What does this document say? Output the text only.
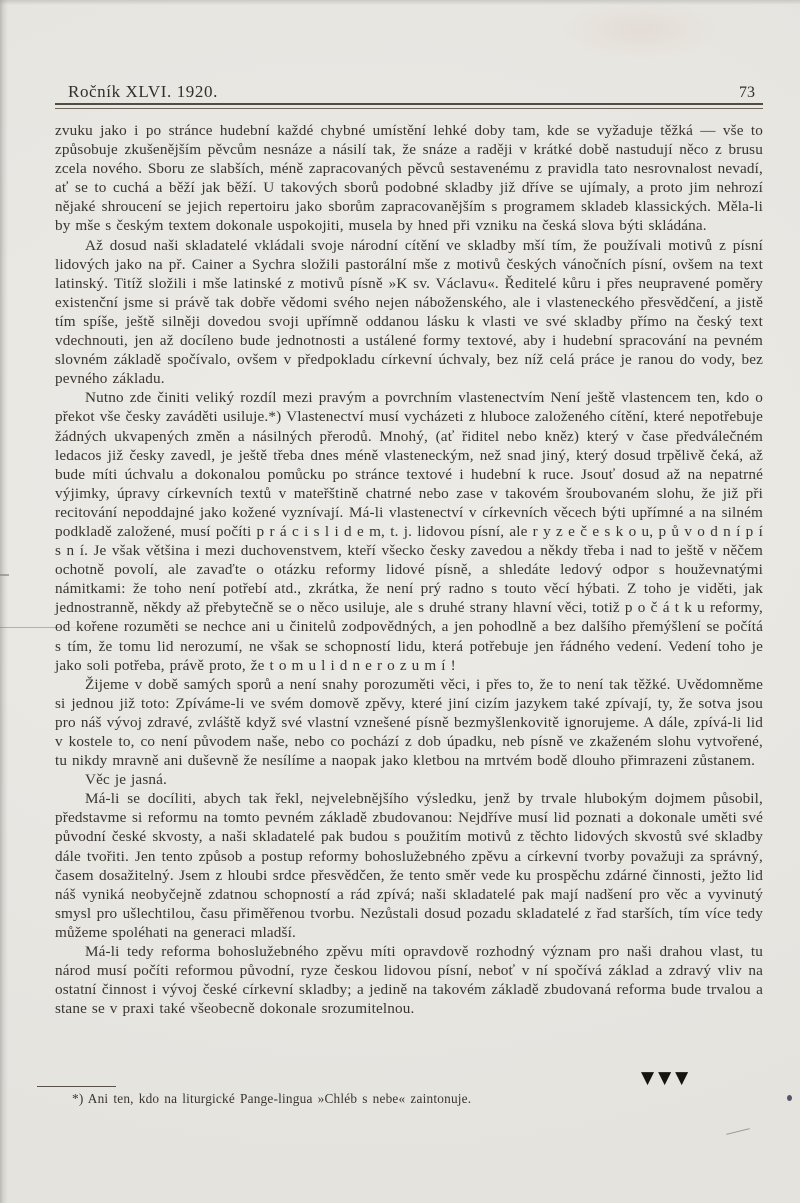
Ročník XLVI. 1920.	73

zvuku jako i po stránce hudební každé chybné umístění lehké doby tam, kde se vyžaduje těžká — vše to způsobuje zkušenějším pěvcům nesnáze a násilí tak, že snáze a raději v krátké době nastudují něco z brusu zcela nového. Sboru ze slabších, méně zapracovaných pěvců sestavenému z pravidla tato nesrovnalost nevadí, ať se to cuchá a běží jak běží. U takových sborů podobné skladby již dříve se ujímaly, a proto jim nehrozí nějaké shroucení se jejich repertoiru jako sborům zapracovanějším s programem skladeb klassických. Měla-li by mše s českým textem dokonale uspokojiti, musela by hned při vzniku na česká slova býti skládána.

Až dosud naši skladatelé vkládali svoje národní cítění ve skladby mší tím, že používali motivů z písní lidových jako na př. Cainer a Sychra složili pastorální mše z motivů českých vánočních písní, ovšem na text latinský. Titíž složili i mše latinské z motivů písně »K sv. Václavu«. Ředitelé kůru i přes neupravené poměry existenční jsme si právě tak dobře vědomi svého nejen náboženského, ale i vlasteneckého přesvědčení, a jistě tím spíše, ještě silněji dovedou svoji upřímně oddanou lásku k vlasti ve své skladby přímo na český text vdechnouti, jen až docíleno bude jednotnosti a ustálené formy textové, aby i hudební spracování na pevném slovném základě spočívalo, ovšem v předpokladu církevní úchvaly, bez níž celá práce je ranou do vody, bez pevného základu.

Nutno zde činiti veliký rozdíl mezi pravým a povrchním vlastenectvím Není ještě vlastencem ten, kdo o překot vše česky zaváděti usiluje.*) Vlastenectví musí vycházeti z hluboce založeného cítění, které nepotřebuje žádných ukvapených změn a násilných přerodů. Mnohý, (ať řiditel nebo kněz) který v čase předválečném ledacos již česky zavedl, je ještě třeba dnes méně vlasteneckým, než snad jiný, který dosud trpělivě čeká, až bude míti úchvalu a dokonalou pomůcku po stránce textové i hudební k ruce. Jsouť dosud až na nepatrné výjimky, úpravy církevních textů v mateřštině chatrné nebo zase v takovém šroubovaném slohu, že již při recitování nepoddajné jako kožené vyznívají. Má-li vlastenectví v církevních věcech býti upřímné a na silném podkladě založené, musí počíti p r á c i s l i d e m, t. j. lidovou písní, ale r y z e č e s k o u, p ů v o d n í p í s n í. Je však většina i mezi duchovenstvem, kteří všecko česky zavedou a někdy třeba i nad to ještě v něčem ochotně povolí, ale zavaďte o otázku reformy lidové písně, a shledáte ledový odpor s houževnatými námitkami: že toho není potřebí atd., zkrátka, že není prý radno s touto věcí hýbati. Z toho je viděti, jak jednostranně, někdy až přebytečně se o něco usiluje, ale s druhé strany hlavní věci, totiž p o č á t k u reformy, od kořene rozuměti se nechce ani u činitelů zodpovědných, a jen pohodlně a bez dalšího přemýšlení se počítá s tím, že tomu lid nerozumí, ne však se schopností lidu, která potřebuje jen řádného vedení. Vedení toho je jako soli potřeba, právě proto, že t o m u l i d n e r o z u m í !

Žijeme v době samých sporů a není snahy porozuměti věci, i přes to, že to není tak těžké. Uvědomněme si jednou již toto: Zpíváme-li ve svém domově zpěvy, které jiní cizím jazykem také zpívají, ty, že sotva jsou pro náš vývoj zdravé, zvláště když své vlastní vznešené písně bezmyšlenkovitě ignorujeme. A dále, zpívá-li lid v kostele to, co není původem naše, nebo co pochází z dob úpadku, neb písně ve zkaženém slohu vytvořené, tu nikdy mravně ani duševně že nesílíme a naopak jako kletbou na mrtvém bodě dlouho přimrazeni zůstanem.

Věc je jasná.

Má-li se docíliti, abych tak řekl, nejvelebnějšího výsledku, jenž by trvale hlubokým dojmem působil, představme si reformu na tomto pevném základě zbudovanou: Nejdříve musí lid poznati a dokonale uměti své původní české skvosty, a naši skladatelé pak budou s použitím motivů z těchto lidových skvostů své skladby dále tvořiti. Jen tento způsob a postup reformy bohoslužebného zpěvu a církevní tvorby považuji za správný, časem dosažitelný. Jsem z hloubi srdce přesvědčen, že tento směr vede ku prospěchu zdárné činnosti, ježto lid náš vyniká neobyčejně zdatnou schopností a rád zpívá; naši skladatelé pak mají nadšení pro věc a vyvinutý smysl pro ušlechtilou, času přiměřenou tvorbu. Nezůstali dosud pozadu skladatelé z řad starších, tím více tedy můžeme spoléhati na generaci mladší.

Má-li tedy reforma bohoslužebného zpěvu míti opravdově rozhodný význam pro naši drahou vlast, tu národ musí počíti reformou původní, ryze českou lidovou písní, neboť v ní spočívá základ a zdravý vliv na ostatní činnost i vývoj české církevní skladby; a jedině na takovém základě zbudovaná reforma bude trvalou a stane se v praxi také všeobecně dokonale srozumitelnou.

▼▼▼

*) Ani ten, kdo na liturgické Pange-lingua »Chléb s nebe« zaintonuje.
